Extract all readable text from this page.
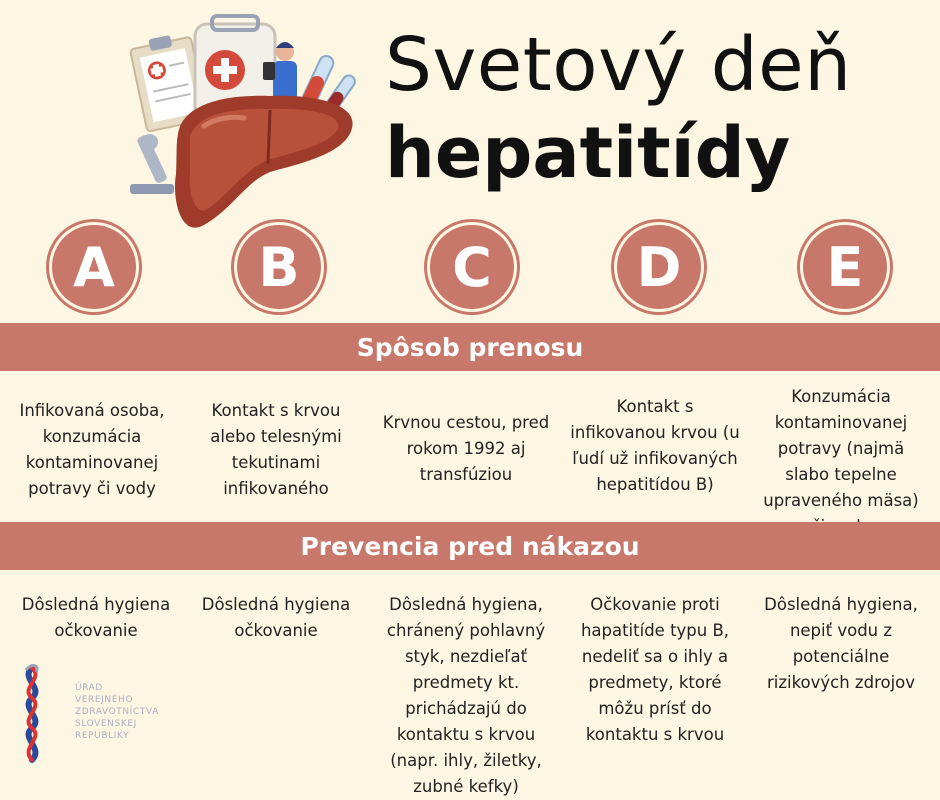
Svetový deň
hepatitídy
A	B	C	D	E
Spôsob prenosu
Infikovaná osoba, konzumácia kontaminovanej potravy či vody
Kontakt s krvou alebo telesnými tekutinami infikovaného
Krvnou cestou, pred rokom 1992 aj transfúziou
Kontakt s infikovanou krvou (u ľudí už infikovaných hepatitídou B)
Konzumácia kontaminovanej potravy (najmä slabo tepelne upraveného mäsa)
Prevencia pred nákazou
Dôsledná hygiena očkovanie
Dôsledná hygiena očkovanie
Dôsledná hygiena, chránený pohlavný styk, nezdieľať predmety kt. prichádzajú do kontaktu s krvou (napr. ihly, žiletky, zubné kefky)
Očkovanie proti hapatitíde typu B, nedeliť sa o ihly a predmety, ktoré môžu prísť do kontaktu s krvou
Dôsledná hygiena, nepiť vodu z potenciálne rizikových zdrojov
ÚRAD
VEREJNÉHO
ZDRAVOTNÍCTVA
SLOVENSKEJ
REPUBLIKY
